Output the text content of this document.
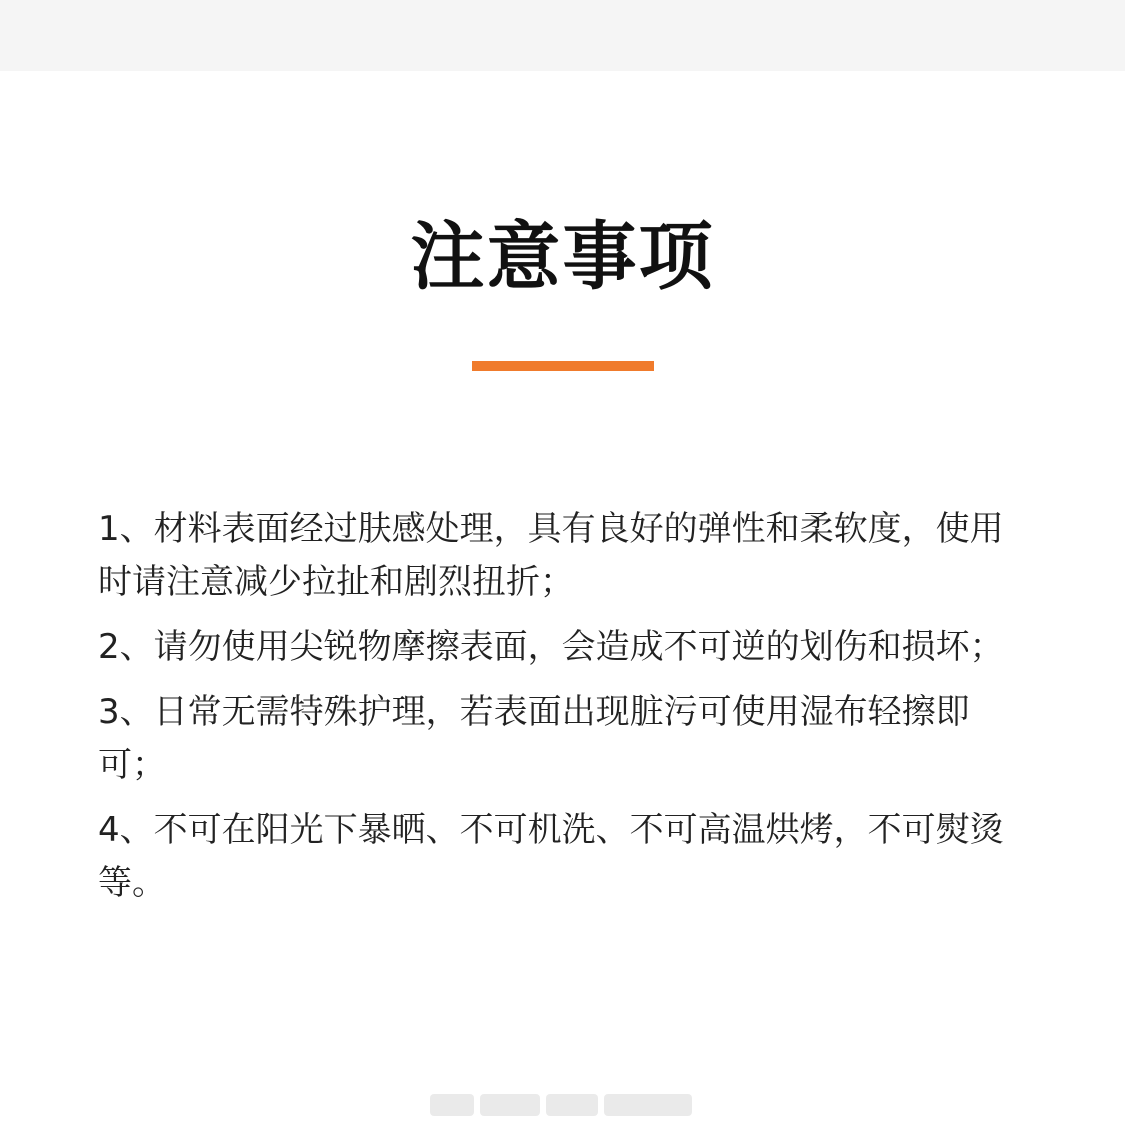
注意事项
1、材料表面经过肤感处理，具有良好的弹性和柔软度，使用时请注意减少拉扯和剧烈扭折；
2、请勿使用尖锐物摩擦表面，会造成不可逆的划伤和损坏；
3、日常无需特殊护理，若表面出现脏污可使用湿布轻擦即可；
4、不可在阳光下暴晒、不可机洗、不可高温烘烤，不可熨烫等。
